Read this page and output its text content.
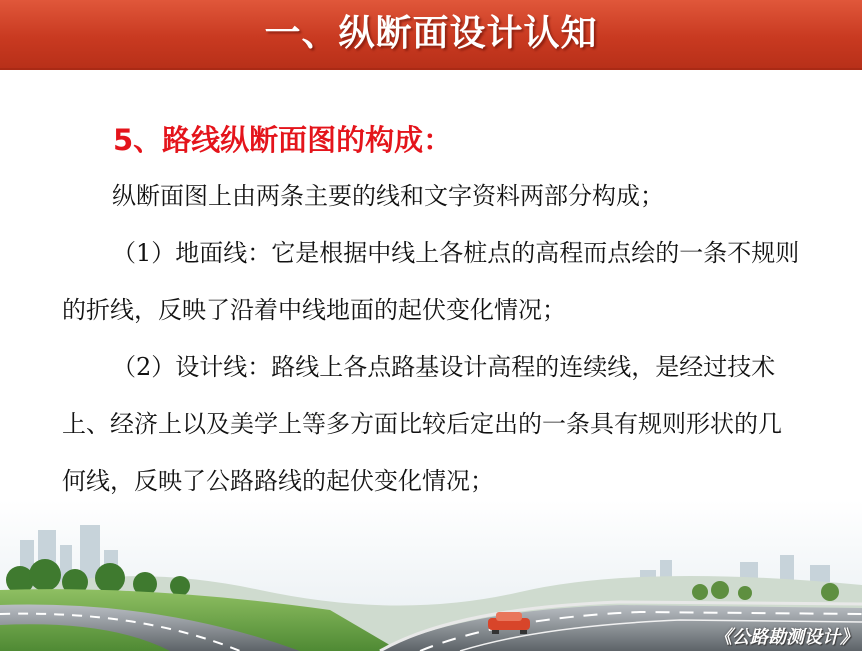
一、纵断面设计认知
5、路线纵断面图的构成：

纵断面图上由两条主要的线和文字资料两部分构成；

（1）地面线：它是根据中线上各桩点的高程而点绘的一条不规则的折线，反映了沿着中线地面的起伏变化情况；

（2）设计线：路线上各点路基设计高程的连续线，是经过技术上、经济上以及美学上等多方面比较后定出的一条具有规则形状的几何线，反映了公路路线的起伏变化情况；

《公路勘测设计》
